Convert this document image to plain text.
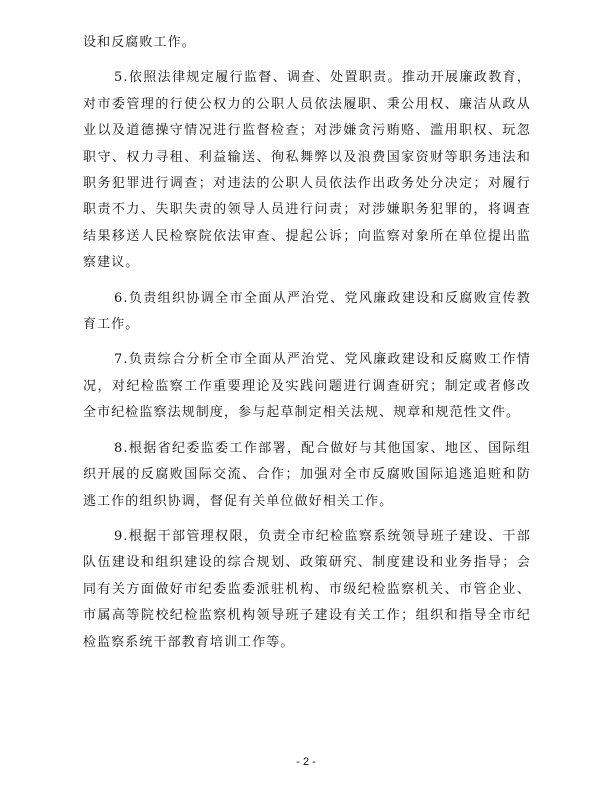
设和反腐败工作。

5.依照法律规定履行监督、调查、处置职责。推动开展廉政教育，对市委管理的行使公权力的公职人员依法履职、秉公用权、廉洁从政从业以及道德操守情况进行监督检查；对涉嫌贪污贿赂、滥用职权、玩忽职守、权力寻租、利益输送、徇私舞弊以及浪费国家资财等职务违法和职务犯罪进行调查；对违法的公职人员依法作出政务处分决定；对履行职责不力、失职失责的领导人员进行问责；对涉嫌职务犯罪的，将调查结果移送人民检察院依法审查、提起公诉；向监察对象所在单位提出监察建议。

6.负责组织协调全市全面从严治党、党风廉政建设和反腐败宣传教育工作。

7.负责综合分析全市全面从严治党、党风廉政建设和反腐败工作情况，对纪检监察工作重要理论及实践问题进行调查研究；制定或者修改全市纪检监察法规制度，参与起草制定相关法规、规章和规范性文件。

8.根据省纪委监委工作部署，配合做好与其他国家、地区、国际组织开展的反腐败国际交流、合作；加强对全市反腐败国际追逃追赃和防逃工作的组织协调，督促有关单位做好相关工作。

9.根据干部管理权限，负责全市纪检监察系统领导班子建设、干部队伍建设和组织建设的综合规划、政策研究、制度建设和业务指导；会同有关方面做好市纪委监委派驻机构、市级纪检监察机关、市管企业、市属高等院校纪检监察机构领导班子建设有关工作；组织和指导全市纪检监察系统干部教育培训工作等。

- 2 -
